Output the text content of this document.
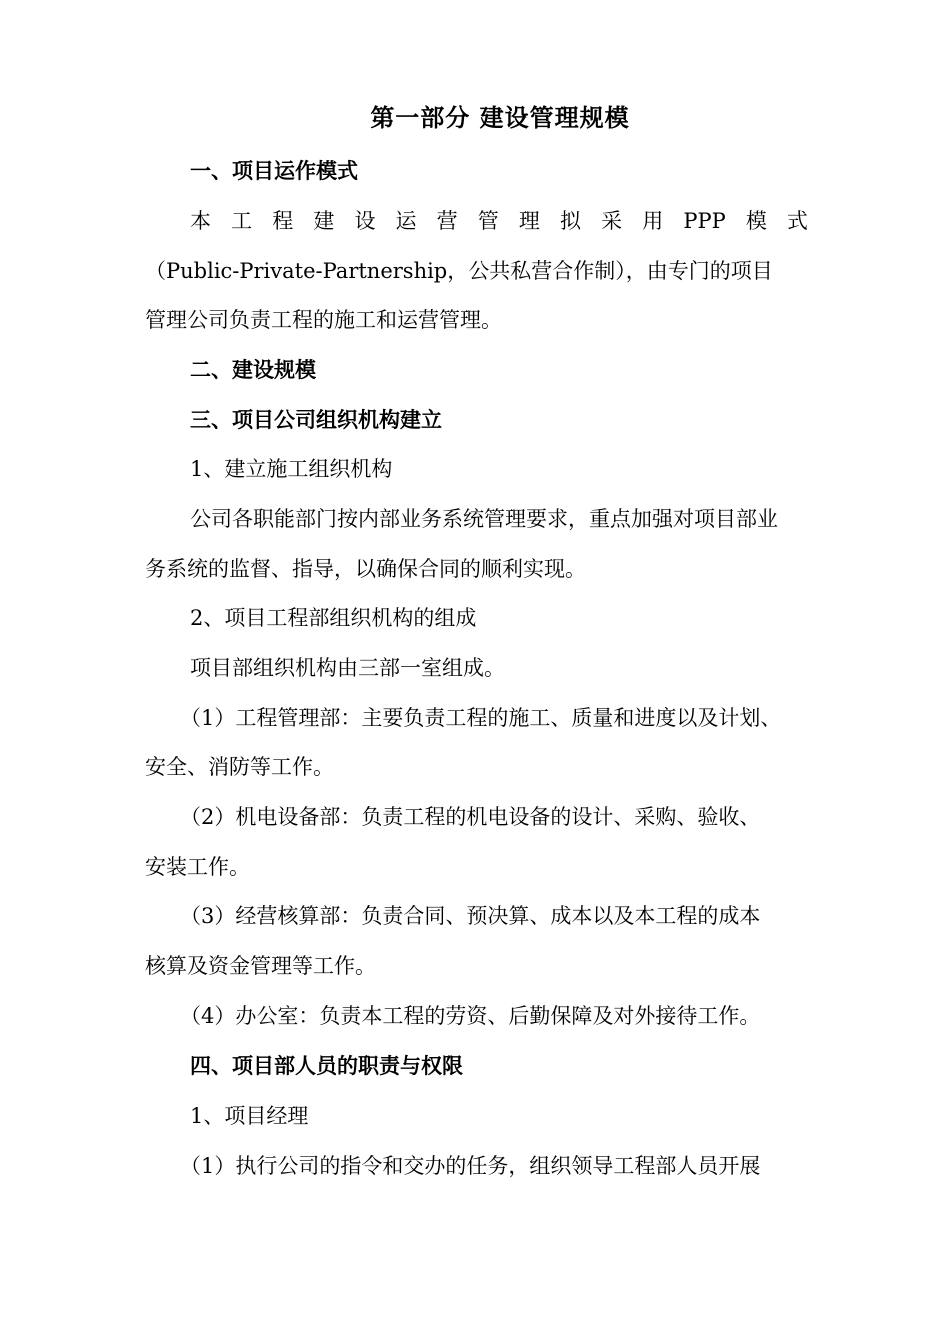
第一部分 建设管理规模
一、项目运作模式
本 工 程 建 设 运 营 管 理 拟 采 用 PPP 模 式
（Public-Private-Partnership，公共私营合作制），由专门的项目
管理公司负责工程的施工和运营管理。
二、建设规模
三、项目公司组织机构建立
1、建立施工组织机构
公司各职能部门按内部业务系统管理要求，重点加强对项目部业
务系统的监督、指导，以确保合同的顺利实现。
2、项目工程部组织机构的组成
项目部组织机构由三部一室组成。
（1）工程管理部：主要负责工程的施工、质量和进度以及计划、
安全、消防等工作。
（2）机电设备部：负责工程的机电设备的设计、采购、验收、
安装工作。
（3）经营核算部：负责合同、预决算、成本以及本工程的成本
核算及资金管理等工作。
（4）办公室：负责本工程的劳资、后勤保障及对外接待工作。
四、项目部人员的职责与权限
1、项目经理
（1）执行公司的指令和交办的任务，组织领导工程部人员开展
